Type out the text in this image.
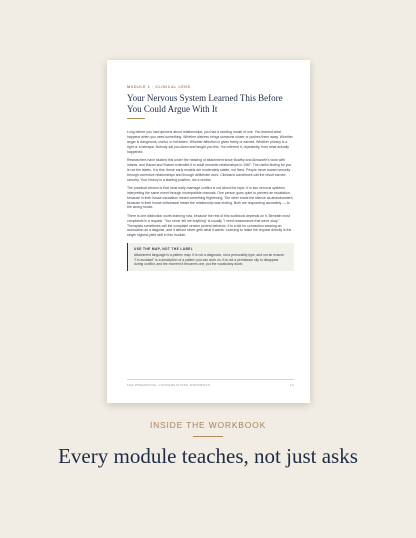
MODULE 1 · CLINICAL LENS
Your Nervous System Learned This Before You Could Argue With It

Long before you had opinions about relationships, you had a working model of one. You learned what happens when you need something. Whether distress brings someone closer or pushes them away. Whether anger is dangerous, useful, or forbidden. Whether affection is given freely or earned. Whether privacy is a right or a betrayal. Nobody sat you down and taught you this. You inferred it, repeatedly, from what actually happened.

Researchers have studied this under the heading of attachment since Bowlby and Ainsworth's work with infants, and Hazan and Shaver extended it to adult romantic relationships in 1987. The useful finding for you is not the labels. It is this: these early models are moderately stable, not fixed. People move toward security through corrective relationships and through deliberate work. Clinicians sometimes call the result earned security. Your history is a starting position, not a verdict.

The practical version is that most early marriage conflict is not about the topic. It is two nervous systems interpreting the same event through incompatible manuals. One person goes quiet to prevent an escalation, because in their house escalation meant something frightening. The other reads the silence as abandonment, because in their house withdrawal meant the relationship was ending. Both are responding accurately — to the wrong house.

There is one distinction worth learning now, because the rest of this workbook depends on it. Beneath most complaints is a request. "You never tell me anything" is usually "I need reassurance that we're okay." Therapists sometimes call the complaint version protest behavior. It is a bid for connection wearing an accusation as a disguise, and it almost never gets what it wants. Learning to make the request directly is the single highest-yield skill in this module.

USE THE MAP, NOT THE LABEL
Attachment language is a pattern map. It is not a diagnosis, not a personality type, and not an excuse. "I'm avoidant" is a description of a pattern you can work on. It is not a permission slip to disappear during conflict, and the moment it becomes one, put the vocabulary down.
THE PREMARITAL CONVERSATIONS WORKBOOK	12
INSIDE THE WORKBOOK
Every module teaches, not just asks
